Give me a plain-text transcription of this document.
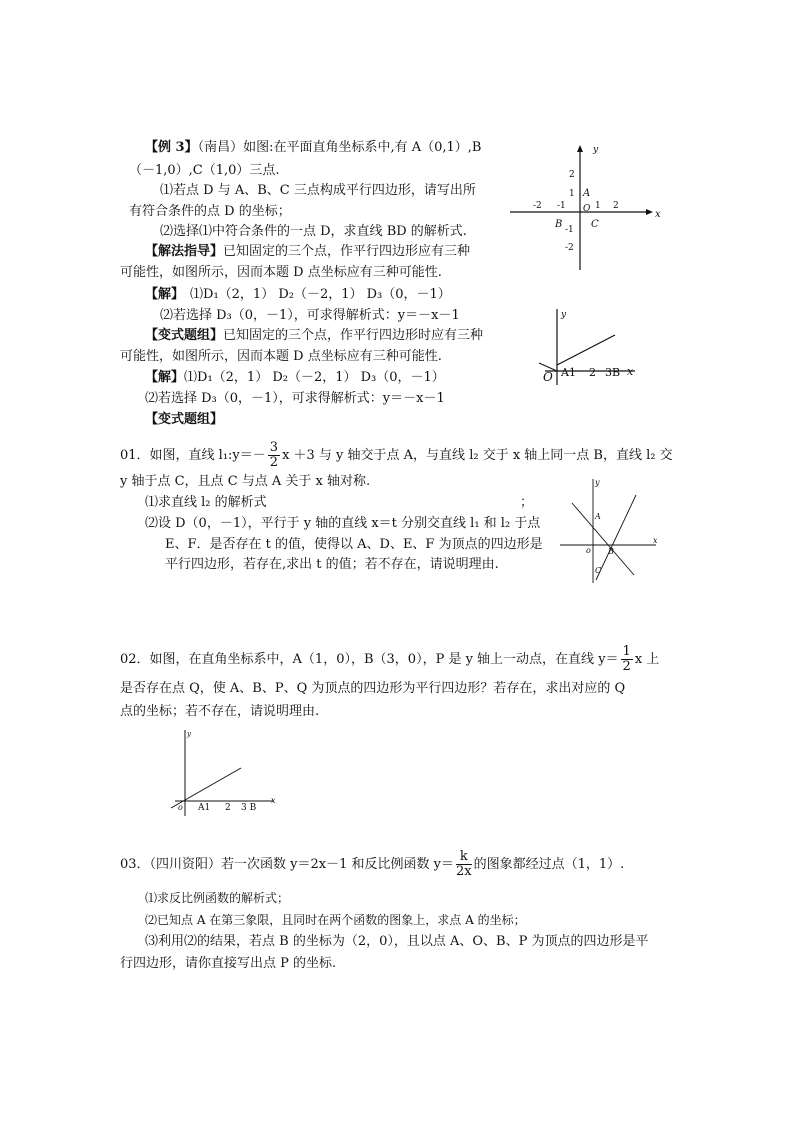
【例 3】（南昌）如图:在平面直角坐标系中,有 A（0,1）,B
（－1,0）,C（1,0）三点.
⑴若点 D 与 A、B、C 三点构成平行四边形，请写出所
有符合条件的点 D 的坐标；
⑵选择⑴中符合条件的一点 D，求直线 BD 的解析式.
【解法指导】已知固定的三个点，作平行四边形应有三种
可能性，如图所示，因而本题 D 点坐标应有三种可能性.
【解】 ⑴D₁（2，1） D₂（－2，1） D₃（0，－1）
⑵若选择 D₃（0，－1），可求得解析式：y＝－x－1
【变式题组】已知固定的三个点，作平行四边形时应有三种
可能性，如图所示，因而本题 D 点坐标应有三种可能性.
【解】⑴D₁（2，1） D₂（－2，1） D₃（0，－1）
⑵若选择 D₃（0，－1），可求得解析式：y＝－x－1
【变式题组】
y
x
O
-2 -1	1 2
2
1
-1
-2
A
B	C
y
x
O A1 2 3B
01．如图，直线 l₁:y＝－ $\frac{3}{2}$ x ＋3 与 y 轴交于点 A，与直线 l₂ 交于 x 轴上同一点 B，直线 l₂ 交
y 轴于点 C，且点 C 与点 A 关于 x 轴对称.
⑴求直线 l₂ 的解析式	；
⑵设 D（0，－1），平行于 y 轴的直线 x＝t 分别交直线 l₁ 和 l₂ 于点
E、F．是否存在 t 的值，使得以 A、D、E、F 为顶点的四边形是
平行四边形，若存在,求出 t 的值；若不存在，请说明理由.
y
x
o
A
B
C
02．如图，在直角坐标系中，A（1，0），B（3，0），P 是 y 轴上一动点，在直线 $y= \frac{1}{2}$ x 上
是否存在点 Q，使 A、B、P、Q 为顶点的四边形为平行四边形？若存在，求出对应的 Q
点的坐标；若不存在，请说明理由.
y
x
o A1 2 3 B
03．（四川资阳）若一次函数 y＝2x－1 和反比例函数 $y= \frac{k}{2x}$ 的图象都经过点（1，1）.
⑴求反比例函数的解析式；
⑵已知点 A 在第三象限，且同时在两个函数的图象上，求点 A 的坐标；
⑶利用⑵的结果，若点 B 的坐标为（2，0），且以点 A、O、B、P 为顶点的四边形是平
行四边形，请你直接写出点 P 的坐标.
